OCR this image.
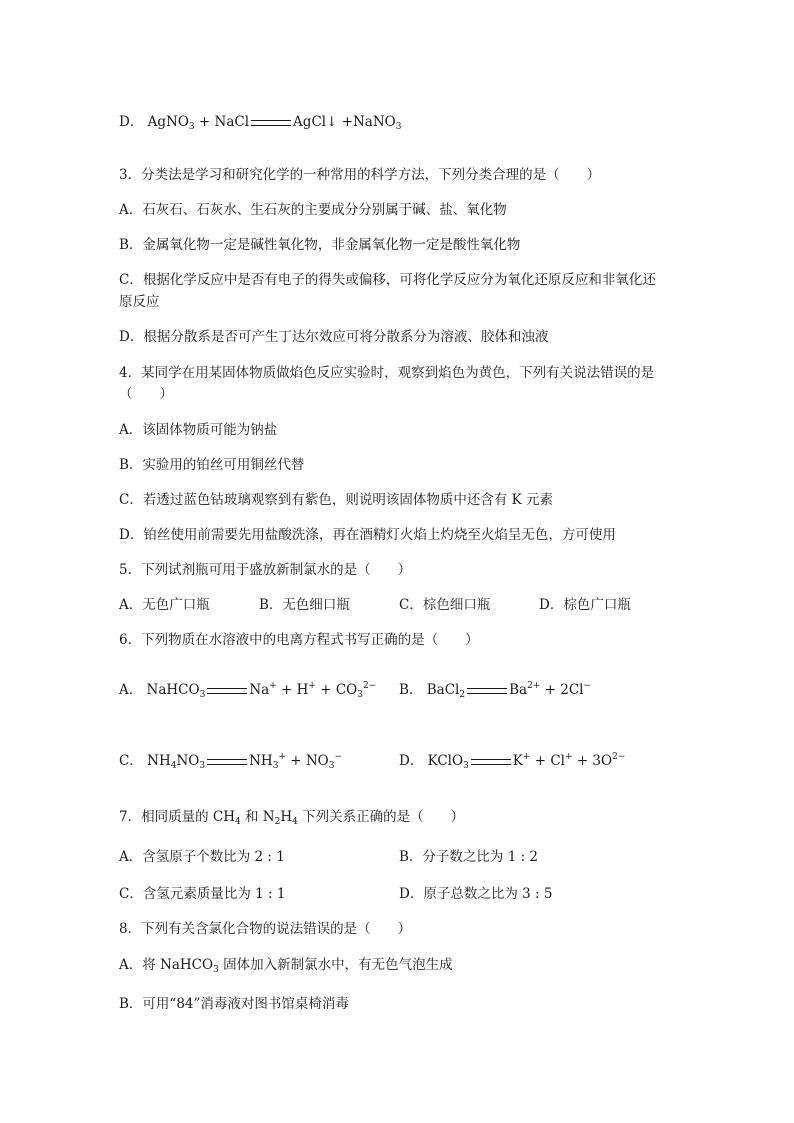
D． AgNO$_3$ + NaCl	AgCl↓ +NaNO$_3$
3．分类法是学习和研究化学的一种常用的科学方法，下列分类合理的是（　　）
A．石灰石、石灰水、生石灰的主要成分分别属于碱、盐、氧化物
B．金属氧化物一定是碱性氧化物，非金属氧化物一定是酸性氧化物
C．根据化学反应中是否有电子的得失或偏移，可将化学反应分为氧化还原反应和非氧化还
原反应
D．根据分散系是否可产生丁达尔效应可将分散系分为溶液、胶体和浊液
4．某同学在用某固体物质做焰色反应实验时，观察到焰色为黄色，下列有关说法错误的是
（　　）
A．该固体物质可能为钠盐
B．实验用的铂丝可用铜丝代替
C．若透过蓝色钴玻璃观察到有紫色，则说明该固体物质中还含有 K 元素
D．铂丝使用前需要先用盐酸洗涤，再在酒精灯火焰上灼烧至火焰呈无色，方可使用
5．下列试剂瓶可用于盛放新制氯水的是（　　）
A．无色广口瓶	B．无色细口瓶	C．棕色细口瓶	D．棕色广口瓶
6．下列物质在水溶液中的电离方程式书写正确的是（　　）
A． NaHCO$_3$	$Na^+ + H^+ + CO_3^{2-}$ B． BaCl$_2$	$Ba^{2+} + 2Cl^-$
C． $NH_4NO_3$	$NH_3^+ + NO_3^-$	D． KClO$_3$	$K^+ + Cl^+ + 3O^{2-}$
7．相同质量的 $CH_4$ 和 $N_2H_4$ 下列关系正确的是（　　）
A．含氢原子个数比为 2 : 1	B．分子数之比为 1 : 2
C．含氢元素质量比为 1 : 1	D．原子总数之比为 3 : 5
8．下列有关含氯化合物的说法错误的是（　　）
A．将 NaHCO$_3$ 固体加入新制氯水中，有无色气泡生成
B．可用“84”消毒液对图书馆桌椅消毒
